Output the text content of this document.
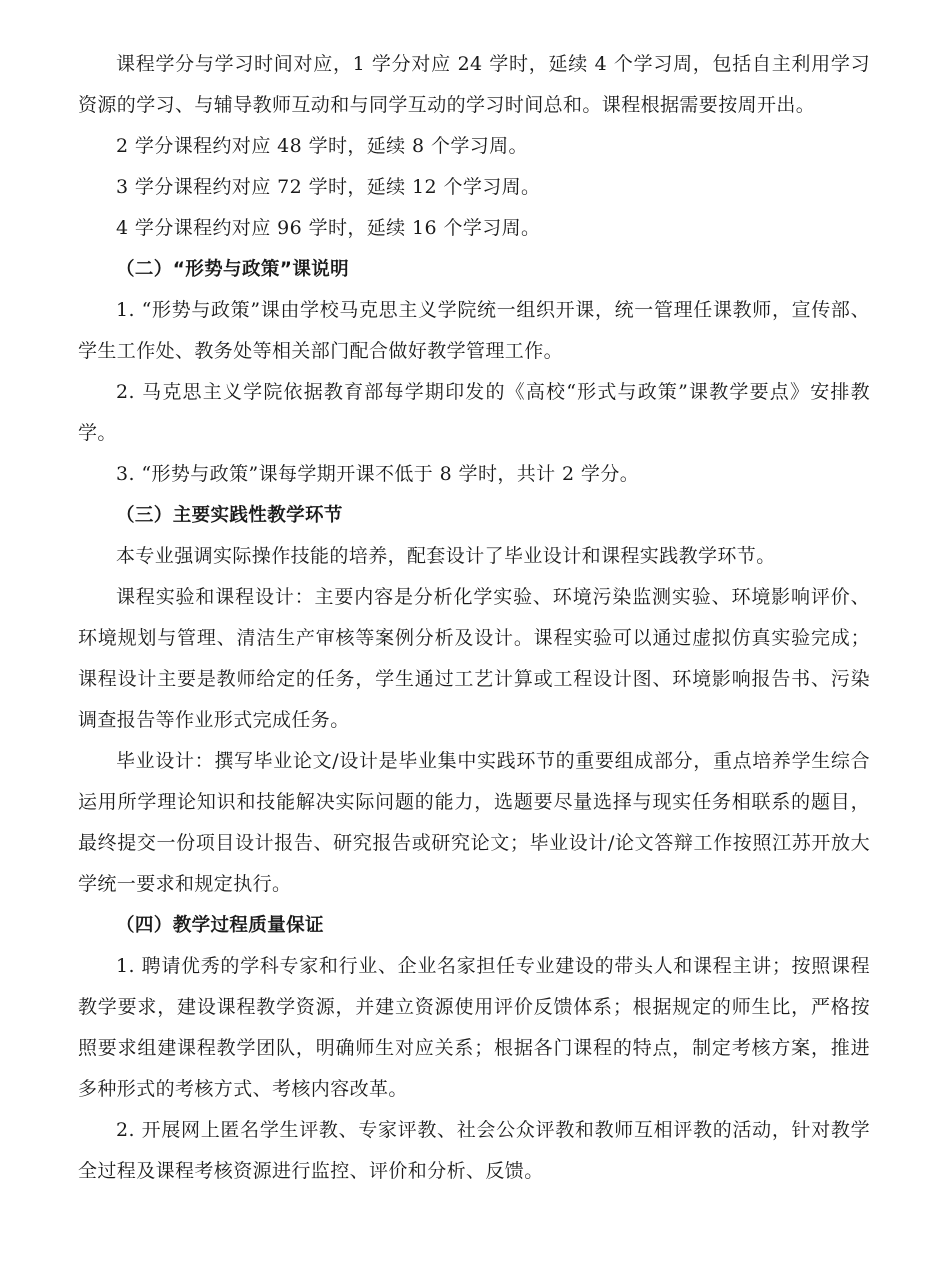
课程学分与学习时间对应，1 学分对应 24 学时，延续 4 个学习周，包括自主利用学习资源的学习、与辅导教师互动和与同学互动的学习时间总和。课程根据需要按周开出。

2 学分课程约对应 48 学时，延续 8 个学习周。

3 学分课程约对应 72 学时，延续 12 个学习周。

4 学分课程约对应 96 学时，延续 16 个学习周。

（二）“形势与政策”课说明

1. “形势与政策”课由学校马克思主义学院统一组织开课，统一管理任课教师，宣传部、学生工作处、教务处等相关部门配合做好教学管理工作。

2. 马克思主义学院依据教育部每学期印发的《高校“形式与政策”课教学要点》安排教学。

3. “形势与政策”课每学期开课不低于 8 学时，共计 2 学分。

（三）主要实践性教学环节

本专业强调实际操作技能的培养，配套设计了毕业设计和课程实践教学环节。

课程实验和课程设计：主要内容是分析化学实验、环境污染监测实验、环境影响评价、环境规划与管理、清洁生产审核等案例分析及设计。课程实验可以通过虚拟仿真实验完成；课程设计主要是教师给定的任务，学生通过工艺计算或工程设计图、环境影响报告书、污染调查报告等作业形式完成任务。

毕业设计：撰写毕业论文/设计是毕业集中实践环节的重要组成部分，重点培养学生综合运用所学理论知识和技能解决实际问题的能力，选题要尽量选择与现实任务相联系的题目，最终提交一份项目设计报告、研究报告或研究论文；毕业设计/论文答辩工作按照江苏开放大学统一要求和规定执行。

（四）教学过程质量保证

1. 聘请优秀的学科专家和行业、企业名家担任专业建设的带头人和课程主讲；按照课程教学要求，建设课程教学资源，并建立资源使用评价反馈体系；根据规定的师生比，严格按照要求组建课程教学团队，明确师生对应关系；根据各门课程的特点，制定考核方案，推进多种形式的考核方式、考核内容改革。

2. 开展网上匿名学生评教、专家评教、社会公众评教和教师互相评教的活动，针对教学全过程及课程考核资源进行监控、评价和分析、反馈。
